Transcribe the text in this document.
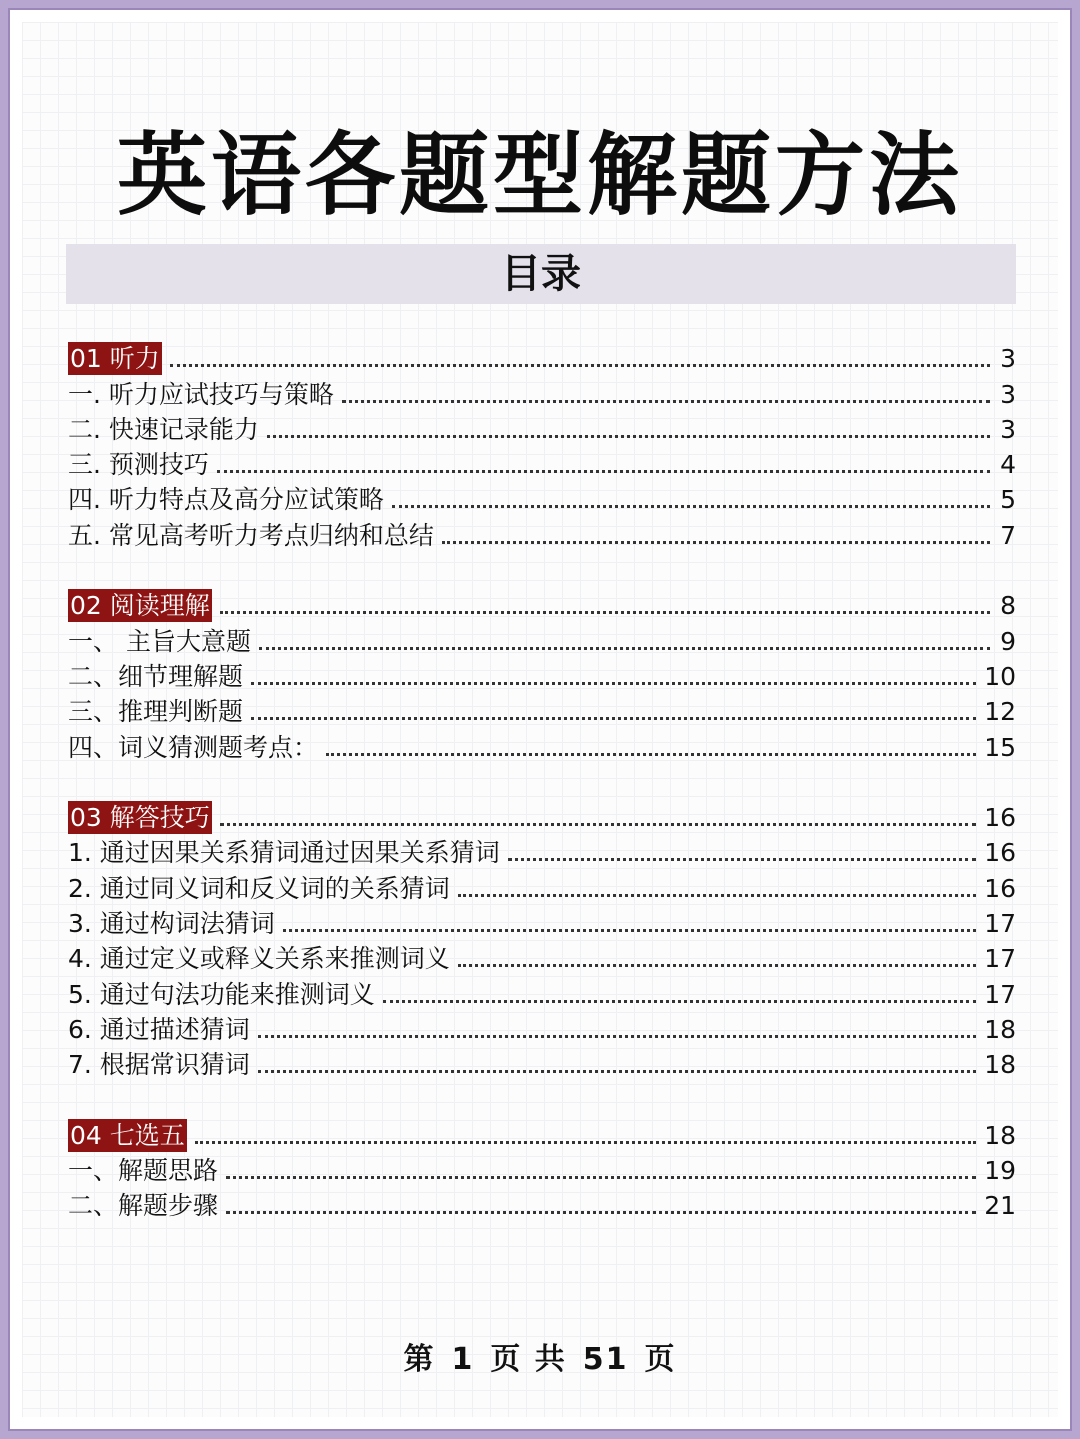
英语各题型解题方法
目录
01 听力	3
一. 听力应试技巧与策略	3
二. 快速记录能力	3
三. 预测技巧	4
四. 听力特点及高分应试策略	5
五. 常见高考听力考点归纳和总结	7
02 阅读理解	8
一、 主旨大意题	9
二、细节理解题	10
三、推理判断题	12
四、词义猜测题考点：	15
03 解答技巧	16
1. 通过因果关系猜词通过因果关系猜词	16
2. 通过同义词和反义词的关系猜词	16
3. 通过构词法猜词	17
4. 通过定义或释义关系来推测词义	17
5. 通过句法功能来推测词义	17
6. 通过描述猜词	18
7. 根据常识猜词	18
04 七选五	18
一、解题思路	19
二、解题步骤	21
第 1 页 共 51 页
